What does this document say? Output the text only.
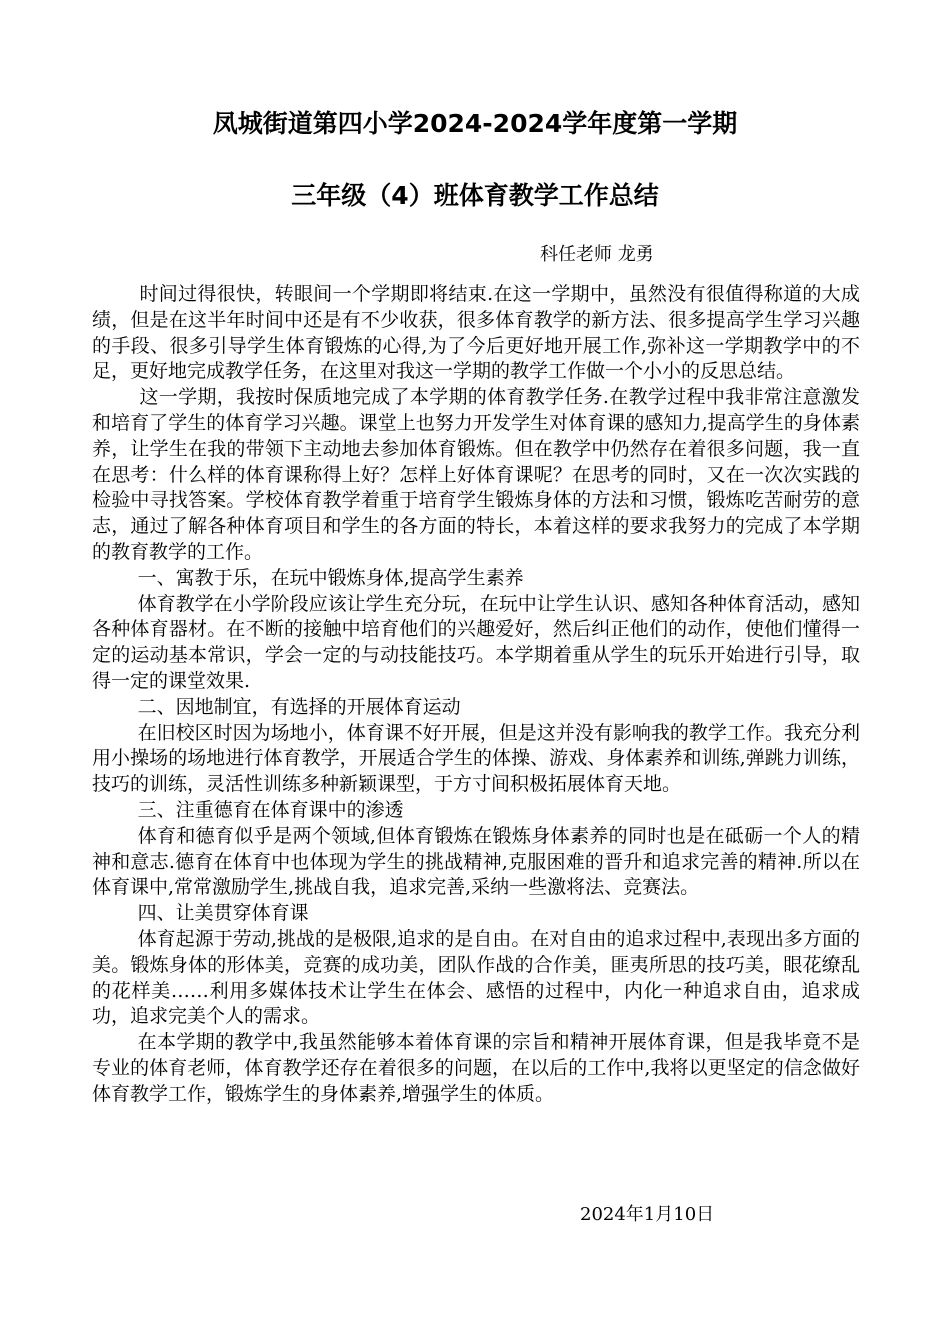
凤城街道第四小学2024-2024学年度第一学期
三年级（4）班体育教学工作总结
科任老师 龙勇

时间过得很快，转眼间一个学期即将结束.在这一学期中，虽然没有很值得称道的大成绩，但是在这半年时间中还是有不少收获，很多体育教学的新方法、很多提高学生学习兴趣的手段、很多引导学生体育锻炼的心得,为了今后更好地开展工作,弥补这一学期教学中的不足，更好地完成教学任务，在这里对我这一学期的教学工作做一个小小的反思总结。

这一学期，我按时保质地完成了本学期的体育教学任务.在教学过程中我非常注意激发和培育了学生的体育学习兴趣。课堂上也努力开发学生对体育课的感知力,提高学生的身体素养，让学生在我的带领下主动地去参加体育锻炼。但在教学中仍然存在着很多问题，我一直在思考：什么样的体育课称得上好？怎样上好体育课呢？在思考的同时，又在一次次实践的检验中寻找答案。学校体育教学着重于培育学生锻炼身体的方法和习惯，锻炼吃苦耐劳的意志，通过了解各种体育项目和学生的各方面的特长，本着这样的要求我努力的完成了本学期的教育教学的工作。

一、寓教于乐，在玩中锻炼身体,提高学生素养

体育教学在小学阶段应该让学生充分玩，在玩中让学生认识、感知各种体育活动，感知各种体育器材。在不断的接触中培育他们的兴趣爱好，然后纠正他们的动作，使他们懂得一定的运动基本常识，学会一定的与动技能技巧。本学期着重从学生的玩乐开始进行引导，取得一定的课堂效果.

二、因地制宜，有选择的开展体育运动

在旧校区时因为场地小，体育课不好开展，但是这并没有影响我的教学工作。我充分利用小操场的场地进行体育教学，开展适合学生的体操、游戏、身体素养和训练,弹跳力训练，技巧的训练，灵活性训练多种新颖课型，于方寸间积极拓展体育天地。

三、注重德育在体育课中的渗透

体育和德育似乎是两个领域,但体育锻炼在锻炼身体素养的同时也是在砥砺一个人的精神和意志.德育在体育中也体现为学生的挑战精神,克服困难的晋升和追求完善的精神.所以在体育课中,常常激励学生,挑战自我，追求完善,采纳一些激将法、竞赛法。

四、让美贯穿体育课

体育起源于劳动,挑战的是极限,追求的是自由。在对自由的追求过程中,表现出多方面的美。锻炼身体的形体美，竞赛的成功美，团队作战的合作美，匪夷所思的技巧美，眼花缭乱的花样美……利用多媒体技术让学生在体会、感悟的过程中，内化一种追求自由，追求成功，追求完美个人的需求。

在本学期的教学中,我虽然能够本着体育课的宗旨和精神开展体育课，但是我毕竟不是专业的体育老师，体育教学还存在着很多的问题，在以后的工作中,我将以更坚定的信念做好体育教学工作，锻炼学生的身体素养,增强学生的体质。

2024年1月10日
